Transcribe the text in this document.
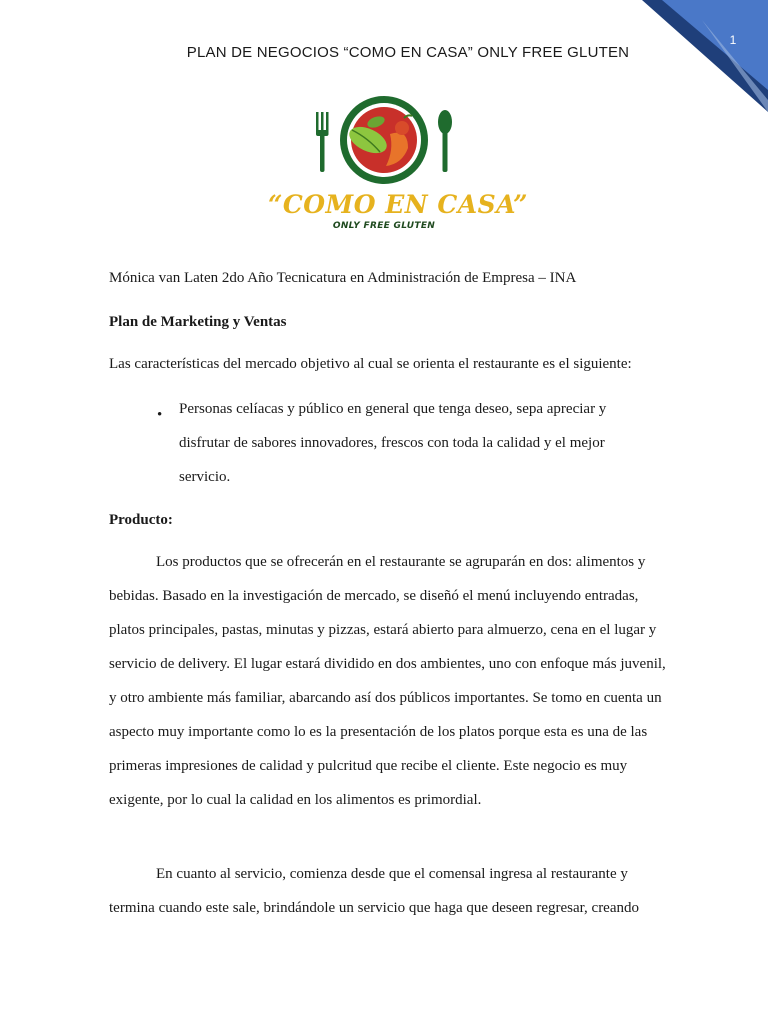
1
PLAN DE NEGOCIOS “COMO EN CASA” ONLY FREE GLUTEN
“COMO EN CASA”
ONLY FREE GLUTEN

Mónica van Laten 2do Año Tecnicatura en Administración de Empresa – INA

Plan de Marketing y Ventas

Las características del mercado objetivo al cual se orienta el restaurante es el siguiente:

• Personas celíacas y público en general que tenga deseo, sepa apreciar y disfrutar de sabores innovadores, frescos con toda la calidad y el mejor servicio.

Producto:

Los productos que se ofrecerán en el restaurante se agruparán en dos: alimentos y bebidas. Basado en la investigación de mercado, se diseñó el menú incluyendo entradas, platos principales, pastas, minutas y pizzas, estará abierto para almuerzo, cena en el lugar y servicio de delivery. El lugar estará dividido en dos ambientes, uno con enfoque más juvenil, y otro ambiente más familiar, abarcando así dos públicos importantes. Se tomo en cuenta un aspecto muy importante como lo es la presentación de los platos porque esta es una de las primeras impresiones de calidad y pulcritud que recibe el cliente. Este negocio es muy exigente, por lo cual la calidad en los alimentos es primordial.

En cuanto al servicio, comienza desde que el comensal ingresa al restaurante y termina cuando este sale, brindándole un servicio que haga que deseen regresar, creando
